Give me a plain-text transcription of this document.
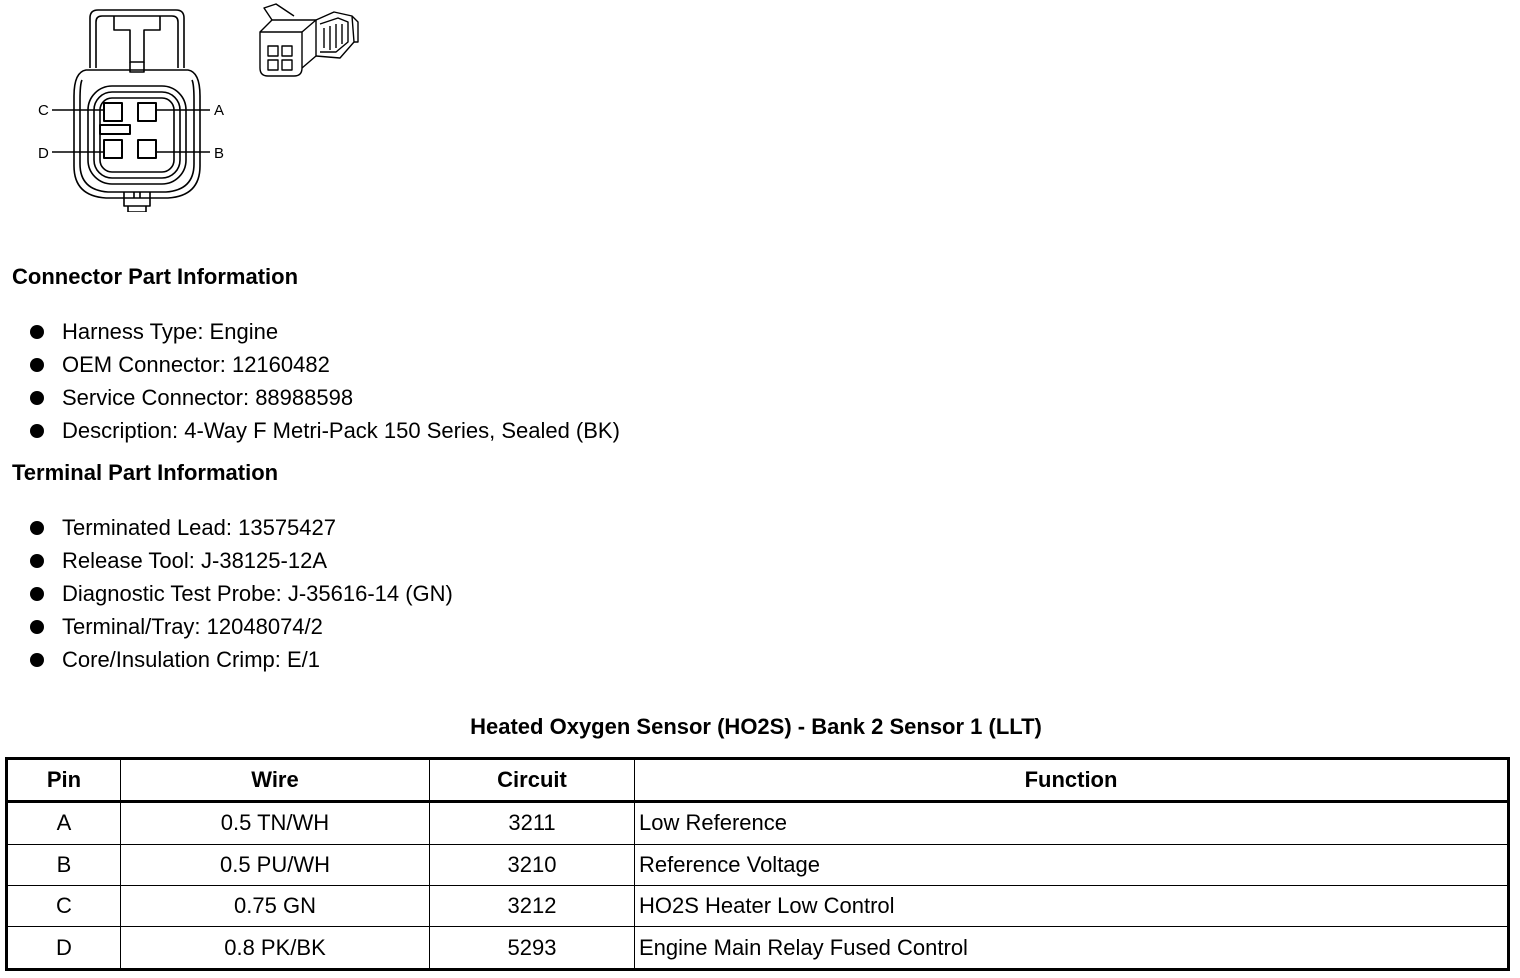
C	A
D	B
Connector Part Information
Harness Type: Engine
OEM Connector: 12160482
Service Connector: 88988598
Description: 4-Way F Metri-Pack 150 Series, Sealed (BK)
Terminal Part Information
Terminated Lead: 13575427
Release Tool: J-38125-12A
Diagnostic Test Probe: J-35616-14 (GN)
Terminal/Tray: 12048074/2
Core/Insulation Crimp: E/1
Heated Oxygen Sensor (HO2S) - Bank 2 Sensor 1 (LLT)
Pin	Wire	Circuit	Function
A	0.5 TN/WH	3211	Low Reference
B	0.5 PU/WH	3210	Reference Voltage
C	0.75 GN	3212	HO2S Heater Low Control
D	0.8 PK/BK	5293	Engine Main Relay Fused Control
